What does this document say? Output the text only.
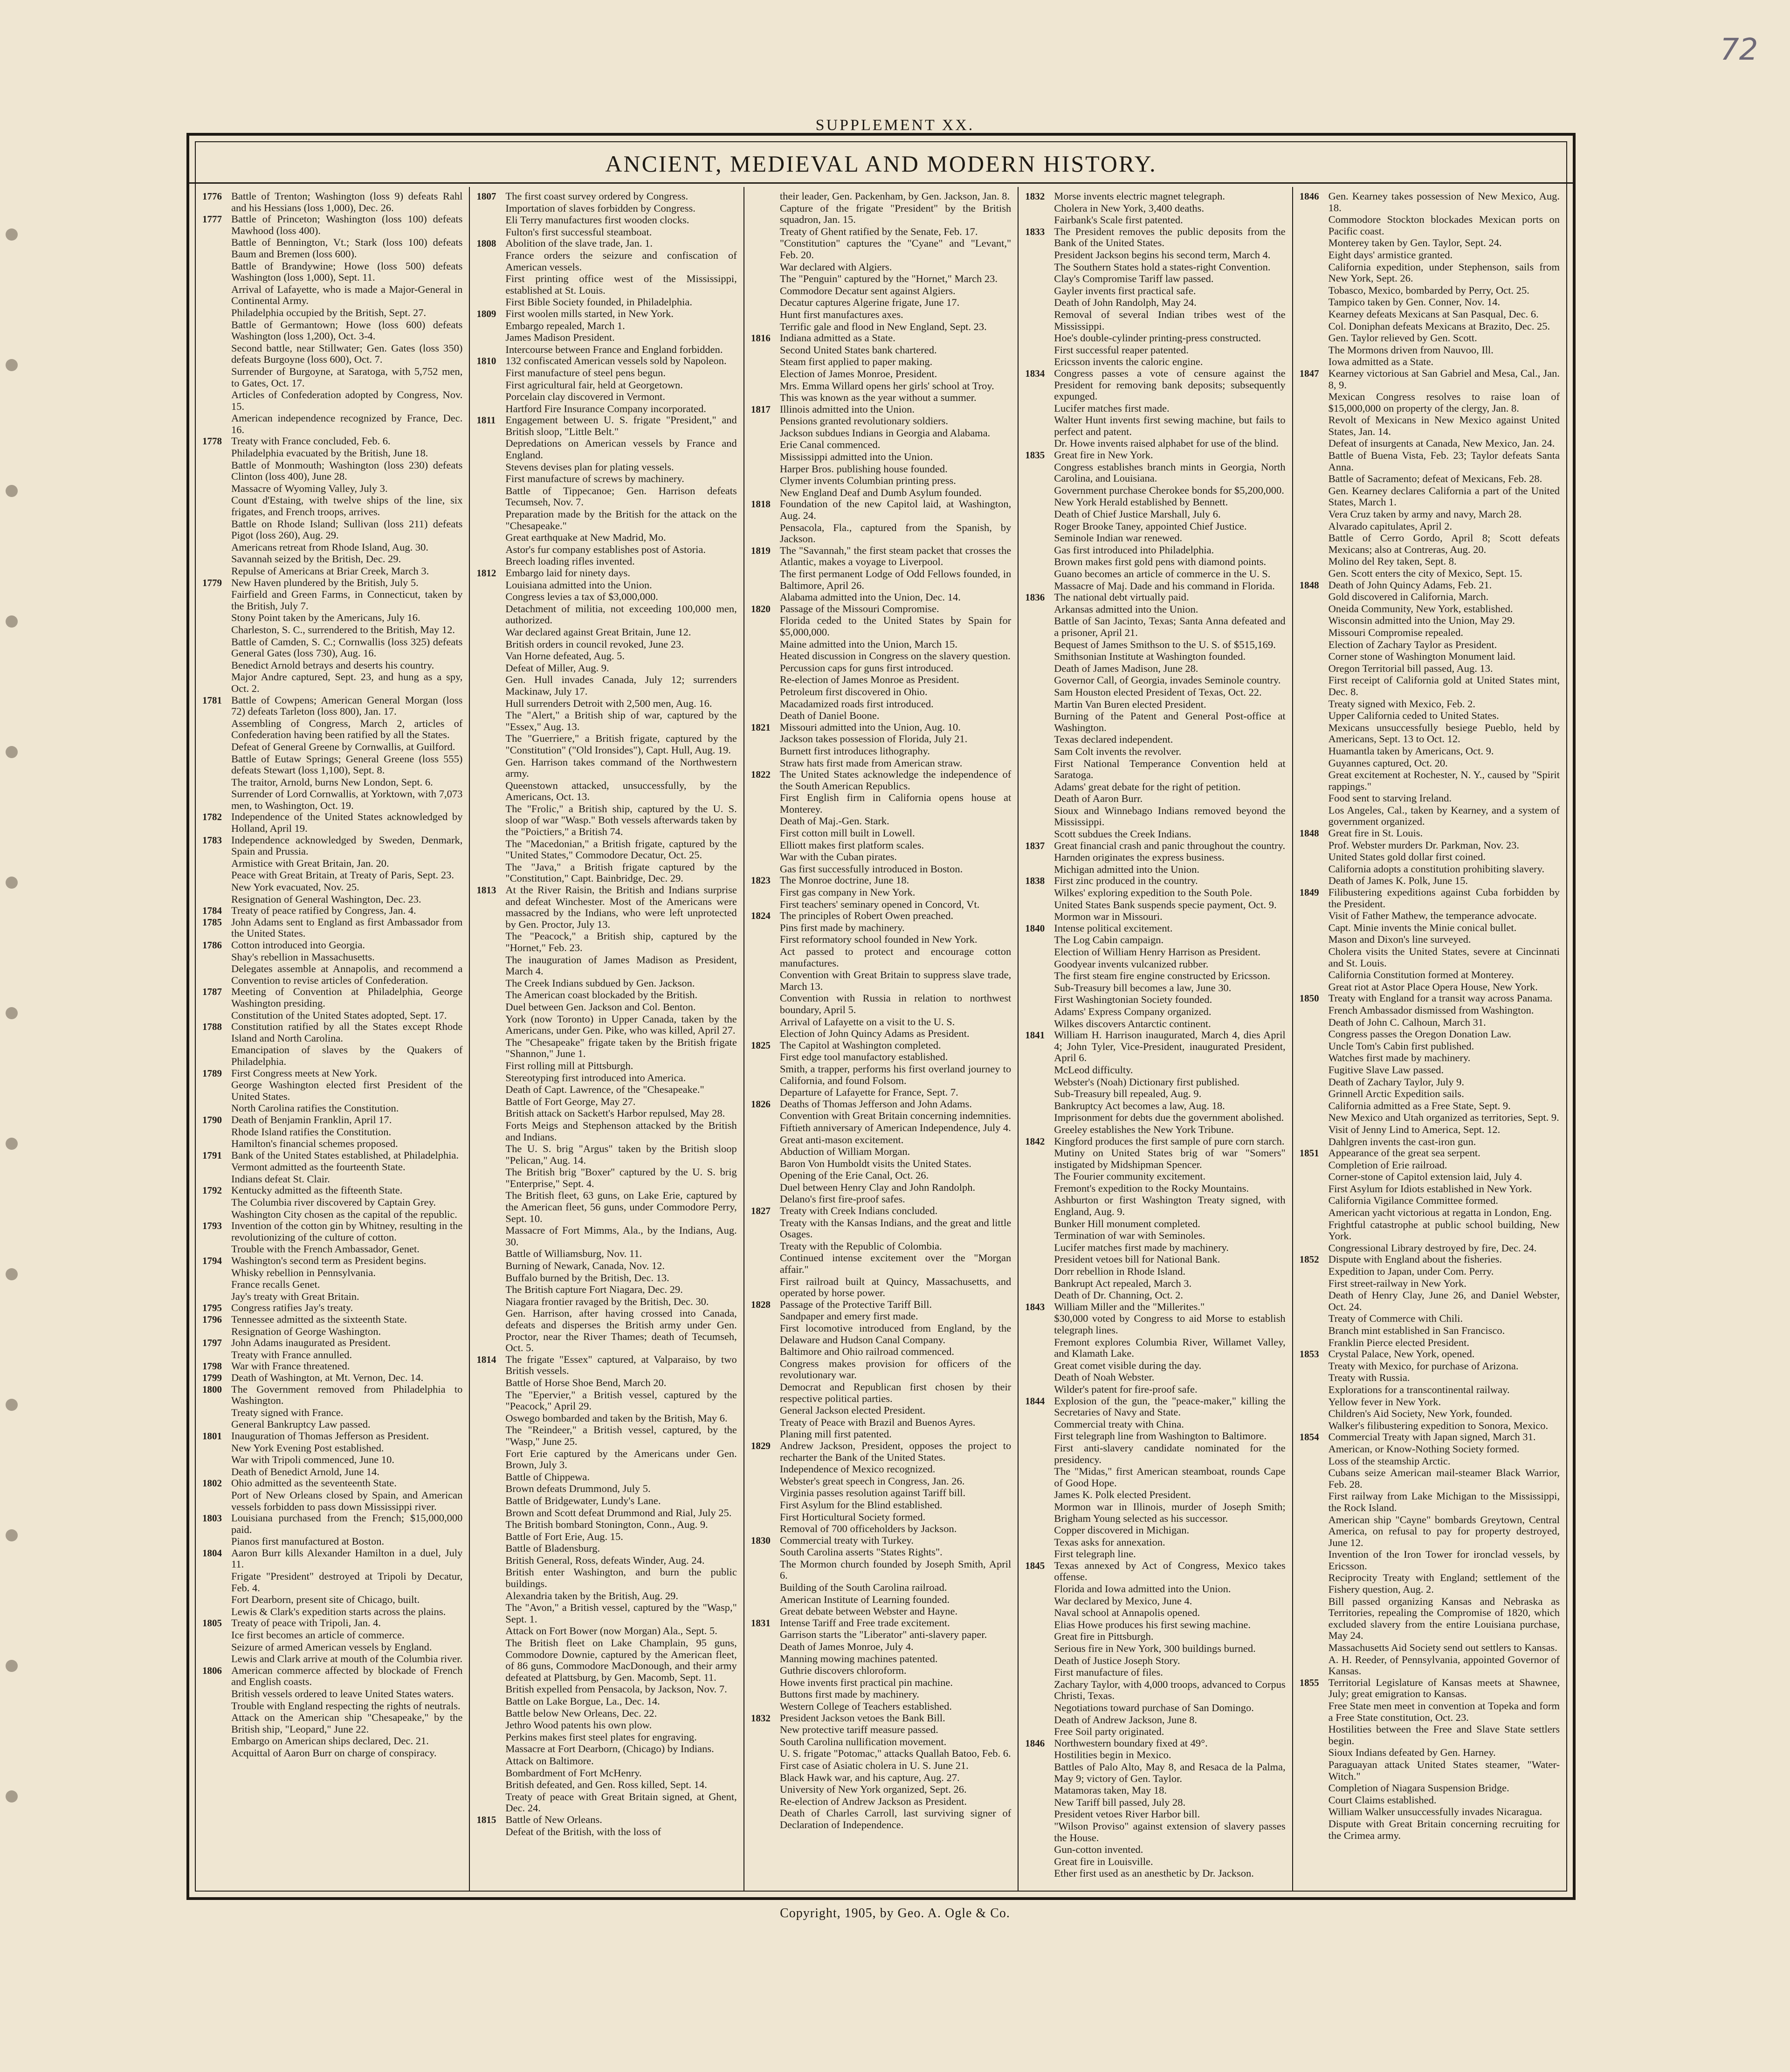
72
SUPPLEMENT XX.
ANCIENT, MEDIEVAL AND MODERN HISTORY.
1776 Battle of Trenton; Washington (loss 9) defeats Rahl and his Hessians (loss 1,000), Dec. 26.
1777 Battle of Princeton; Washington (loss 100) defeats Mawhood (loss 400).
Battle of Bennington, Vt.; Stark (loss 100) defeats Baum and Bremen (loss 600).
Battle of Brandywine; Howe (loss 500) defeats Washington (loss 1,000), Sept. 11.
Arrival of Lafayette, who is made a Major-General in Continental Army.
Philadelphia occupied by the British, Sept. 27.
Battle of Germantown; Howe (loss 600) defeats Washington (loss 1,200), Oct. 3-4.
Second battle, near Stillwater; Gen. Gates (loss 350) defeats Burgoyne (loss 600), Oct. 7.
Surrender of Burgoyne, at Saratoga, with 5,752 men, to Gates, Oct. 17.
Articles of Confederation adopted by Congress, Nov. 15.
American independence recognized by France, Dec. 16.
1778 Treaty with France concluded, Feb. 6.
Philadelphia evacuated by the British, June 18.
Battle of Monmouth; Washington (loss 230) defeats Clinton (loss 400), June 28.
Massacre of Wyoming Valley, July 3.
Count d'Estaing, with twelve ships of the line, six frigates, and French troops, arrives.
Battle on Rhode Island; Sullivan (loss 211) defeats Pigot (loss 260), Aug. 29.
Americans retreat from Rhode Island, Aug. 30.
Savannah seized by the British, Dec. 29.
Repulse of Americans at Briar Creek, March 3.
1779 New Haven plundered by the British, July 5.
Fairfield and Green Farms, in Connecticut, taken by the British, July 7.
Stony Point taken by the Americans, July 16.
Charleston, S. C., surrendered to the British, May 12.
Battle of Camden, S. C.; Cornwallis (loss 325) defeats General Gates (loss 730), Aug. 16.
Benedict Arnold betrays and deserts his country.
Major Andre captured, Sept. 23, and hung as a spy, Oct. 2.
1781 Battle of Cowpens; American General Morgan (loss 72) defeats Tarleton (loss 800), Jan. 17.
Assembling of Congress, March 2, articles of Confederation having been ratified by all the States.
Defeat of General Greene by Cornwallis, at Guilford.
Battle of Eutaw Springs; General Greene (loss 555) defeats Stewart (loss 1,100), Sept. 8.
The traitor, Arnold, burns New London, Sept. 6.
Surrender of Lord Cornwallis, at Yorktown, with 7,073 men, to Washington, Oct. 19.
1782 Independence of the United States acknowledged by Holland, April 19.
1783 Independence acknowledged by Sweden, Denmark, Spain and Prussia.
Armistice with Great Britain, Jan. 20.
Peace with Great Britain, at Treaty of Paris, Sept. 23.
New York evacuated, Nov. 25.
Resignation of General Washington, Dec. 23.
1784 Treaty of peace ratified by Congress, Jan. 4.
1785 John Adams sent to England as first Ambassador from the United States.
1786 Cotton introduced into Georgia.
Shay's rebellion in Massachusetts.
Delegates assemble at Annapolis, and recommend a Convention to revise articles of Confederation.
1787 Meeting of Convention at Philadelphia, George Washington presiding.
Constitution of the United States adopted, Sept. 17.
1788 Constitution ratified by all the States except Rhode Island and North Carolina.
Emancipation of slaves by the Quakers of Philadelphia.
1789 First Congress meets at New York.
George Washington elected first President of the United States.
North Carolina ratifies the Constitution.
1790 Death of Benjamin Franklin, April 17.
Rhode Island ratifies the Constitution.
Hamilton's financial schemes proposed.
1791 Bank of the United States established, at Philadelphia.
Vermont admitted as the fourteenth State.
Indians defeat St. Clair.
1792 Kentucky admitted as the fifteenth State.
The Columbia river discovered by Captain Grey.
Washington City chosen as the capital of the republic.
1793 Invention of the cotton gin by Whitney, resulting in the revolutionizing of the culture of cotton.
Trouble with the French Ambassador, Genet.
1794 Washington's second term as President begins.
Whisky rebellion in Pennsylvania.
France recalls Genet.
Jay's treaty with Great Britain.
1795 Congress ratifies Jay's treaty.
1796 Tennessee admitted as the sixteenth State.
Resignation of George Washington.
1797 John Adams inaugurated as President.
Treaty with France annulled.
1798 War with France threatened.
1799 Death of Washington, at Mt. Vernon, Dec. 14.
1800 The Government removed from Philadelphia to Washington.
Treaty signed with France.
General Bankruptcy Law passed.
1801 Inauguration of Thomas Jefferson as President.
New York Evening Post established.
War with Tripoli commenced, June 10.
Death of Benedict Arnold, June 14.
1802 Ohio admitted as the seventeenth State.
Port of New Orleans closed by Spain, and American vessels forbidden to pass down Mississippi river.
1803 Louisiana purchased from the French; $15,000,000 paid.
Pianos first manufactured at Boston.
1804 Aaron Burr kills Alexander Hamilton in a duel, July 11.
Frigate "President" destroyed at Tripoli by Decatur, Feb. 4.
Fort Dearborn, present site of Chicago, built.
Lewis & Clark's expedition starts across the plains.
1805 Treaty of peace with Tripoli, Jan. 4.
Ice first becomes an article of commerce.
Seizure of armed American vessels by England.
Lewis and Clark arrive at mouth of the Columbia river.
1806 American commerce affected by blockade of French and English coasts.
British vessels ordered to leave United States waters.
Trouble with England respecting the rights of neutrals.
Attack on the American ship "Chesapeake," by the British ship, "Leopard," June 22.
Embargo on American ships declared, Dec. 21.
Acquittal of Aaron Burr on charge of conspiracy.
1807 The first coast survey ordered by Congress.
Importation of slaves forbidden by Congress.
Eli Terry manufactures first wooden clocks.
Fulton's first successful steamboat.
1808 Abolition of the slave trade, Jan. 1.
France orders the seizure and confiscation of American vessels.
First printing office west of the Mississippi, established at St. Louis.
First Bible Society founded, in Philadelphia.
1809 First woolen mills started, in New York.
Embargo repealed, March 1.
James Madison President.
Intercourse between France and England forbidden.
1810 132 confiscated American vessels sold by Napoleon.
First manufacture of steel pens begun.
First agricultural fair, held at Georgetown.
Porcelain clay discovered in Vermont.
Hartford Fire Insurance Company incorporated.
1811 Engagement between U. S. frigate "President," and British sloop, "Little Belt."
Depredations on American vessels by France and England.
Stevens devises plan for plating vessels.
First manufacture of screws by machinery.
Battle of Tippecanoe; Gen. Harrison defeats Tecumseh, Nov. 7.
Preparation made by the British for the attack on the "Chesapeake."
Great earthquake at New Madrid, Mo.
Astor's fur company establishes post of Astoria.
Breech loading rifles invented.
1812 Embargo laid for ninety days.
Louisiana admitted into the Union.
Congress levies a tax of $3,000,000.
Detachment of militia, not exceeding 100,000 men, authorized.
War declared against Great Britain, June 12.
British orders in council revoked, June 23.
Van Horne defeated, Aug. 5.
Defeat of Miller, Aug. 9.
Gen. Hull invades Canada, July 12; surrenders Mackinaw, July 17.
Hull surrenders Detroit with 2,500 men, Aug. 16.
The "Alert," a British ship of war, captured by the "Essex," Aug. 13.
The "Guerriere," a British frigate, captured by the "Constitution" ("Old Ironsides"), Capt. Hull, Aug. 19.
Gen. Harrison takes command of the Northwestern army.
Queenstown attacked, unsuccessfully, by the Americans, Oct. 13.
The "Frolic," a British ship, captured by the U. S. sloop of war "Wasp." Both vessels afterwards taken by the "Poictiers," a British 74.
The "Macedonian," a British frigate, captured by the "United States," Commodore Decatur, Oct. 25.
The "Java," a British frigate captured by the "Constitution," Capt. Bainbridge, Dec. 29.
1813 At the River Raisin, the British and Indians surprise and defeat Winchester. Most of the Americans were massacred by the Indians, who were left unprotected by Gen. Proctor, July 13.
The "Peacock," a British ship, captured by the "Hornet," Feb. 23.
The inauguration of James Madison as President, March 4.
The Creek Indians subdued by Gen. Jackson.
The American coast blockaded by the British.
Duel between Gen. Jackson and Col. Benton.
York (now Toronto) in Upper Canada, taken by the Americans, under Gen. Pike, who was killed, April 27.
The "Chesapeake" frigate taken by the British frigate "Shannon," June 1.
First rolling mill at Pittsburgh.
Stereotyping first introduced into America.
Death of Capt. Lawrence, of the "Chesapeake."
Battle of Fort George, May 27.
British attack on Sackett's Harbor repulsed, May 28.
Forts Meigs and Stephenson attacked by the British and Indians.
The U. S. brig "Argus" taken by the British sloop "Pelican," Aug. 14.
The British brig "Boxer" captured by the U. S. brig "Enterprise," Sept. 4.
The British fleet, 63 guns, on Lake Erie, captured by the American fleet, 56 guns, under Commodore Perry, Sept. 10.
Massacre of Fort Mimms, Ala., by the Indians, Aug. 30.
Battle of Williamsburg, Nov. 11.
Burning of Newark, Canada, Nov. 12.
Buffalo burned by the British, Dec. 13.
The British capture Fort Niagara, Dec. 29.
Niagara frontier ravaged by the British, Dec. 30.
Gen. Harrison, after having crossed into Canada, defeats and disperses the British army under Gen. Proctor, near the River Thames; death of Tecumseh, Oct. 5.
1814 The frigate "Essex" captured, at Valparaiso, by two British vessels.
Battle of Horse Shoe Bend, March 20.
The "Epervier," a British vessel, captured by the "Peacock," April 29.
Oswego bombarded and taken by the British, May 6.
The "Reindeer," a British vessel, captured, by the "Wasp," June 25.
Fort Erie captured by the Americans under Gen. Brown, July 3.
Battle of Chippewa.
Brown defeats Drummond, July 5.
Battle of Bridgewater, Lundy's Lane.
Brown and Scott defeat Drummond and Rial, July 25.
The British bombard Stonington, Conn., Aug. 9.
Battle of Fort Erie, Aug. 15.
Battle of Bladensburg.
British General, Ross, defeats Winder, Aug. 24.
British enter Washington, and burn the public buildings.
Alexandria taken by the British, Aug. 29.
The "Avon," a British vessel, captured by the "Wasp," Sept. 1.
Attack on Fort Bower (now Morgan) Ala., Sept. 5.
The British fleet on Lake Champlain, 95 guns, Commodore Downie, captured by the American fleet, of 86 guns, Commodore MacDonough, and their army defeated at Plattsburg, by Gen. Macomb, Sept. 11.
British expelled from Pensacola, by Jackson, Nov. 7.
Battle on Lake Borgue, La., Dec. 14.
Battle below New Orleans, Dec. 22.
Jethro Wood patents his own plow.
Perkins makes first steel plates for engraving.
Massacre at Fort Dearborn, (Chicago) by Indians.
Attack on Baltimore.
Bombardment of Fort McHenry.
British defeated, and Gen. Ross killed, Sept. 14.
Treaty of peace with Great Britain signed, at Ghent, Dec. 24.
1815 Battle of New Orleans.
Defeat of the British, with the loss of
their leader, Gen. Packenham, by Gen. Jackson, Jan. 8.
Capture of the frigate "President" by the British squadron, Jan. 15.
Treaty of Ghent ratified by the Senate, Feb. 17.
"Constitution" captures the "Cyane" and "Levant," Feb. 20.
War declared with Algiers.
The "Penguin" captured by the "Hornet," March 23.
Commodore Decatur sent against Algiers.
Decatur captures Algerine frigate, June 17.
Hunt first manufactures axes.
Terrific gale and flood in New England, Sept. 23.
1816 Indiana admitted as a State.
Second United States bank chartered.
Steam first applied to paper making.
Election of James Monroe, President.
Mrs. Emma Willard opens her girls' school at Troy.
This was known as the year without a summer.
1817 Illinois admitted into the Union.
Pensions granted revolutionary soldiers.
Jackson subdues Indians in Georgia and Alabama.
Erie Canal commenced.
Mississippi admitted into the Union.
Harper Bros. publishing house founded.
Clymer invents Columbian printing press.
New England Deaf and Dumb Asylum founded.
1818 Foundation of the new Capitol laid, at Washington, Aug. 24.
Pensacola, Fla., captured from the Spanish, by Jackson.
1819 The "Savannah," the first steam packet that crosses the Atlantic, makes a voyage to Liverpool.
The first permanent Lodge of Odd Fellows founded, in Baltimore, April 26.
Alabama admitted into the Union, Dec. 14.
1820 Passage of the Missouri Compromise.
Florida ceded to the United States by Spain for $5,000,000.
Maine admitted into the Union, March 15.
Heated discussion in Congress on the slavery question.
Percussion caps for guns first introduced.
Re-election of James Monroe as President.
Petroleum first discovered in Ohio.
Macadamized roads first introduced.
Death of Daniel Boone.
1821 Missouri admitted into the Union, Aug. 10.
Jackson takes possession of Florida, July 21.
Burnett first introduces lithography.
Straw hats first made from American straw.
1822 The United States acknowledge the independence of the South American Republics.
First English firm in California opens house at Monterey.
Death of Maj.-Gen. Stark.
First cotton mill built in Lowell.
Elliott makes first platform scales.
War with the Cuban pirates.
Gas first successfully introduced in Boston.
1823 The Monroe doctrine, June 18.
First gas company in New York.
First teachers' seminary opened in Concord, Vt.
1824 The principles of Robert Owen preached.
Pins first made by machinery.
First reformatory school founded in New York.
Act passed to protect and encourage cotton manufactures.
Convention with Great Britain to suppress slave trade, March 13.
Convention with Russia in relation to northwest boundary, April 5.
Arrival of Lafayette on a visit to the U. S.
Election of John Quincy Adams as President.
1825 The Capitol at Washington completed.
First edge tool manufactory established.
Smith, a trapper, performs his first overland journey to California, and found Folsom.
Departure of Lafayette for France, Sept. 7.
1826 Deaths of Thomas Jefferson and John Adams.
Convention with Great Britain concerning indemnities.
Fiftieth anniversary of American Independence, July 4.
Great anti-mason excitement.
Abduction of William Morgan.
Baron Von Humboldt visits the United States.
Opening of the Erie Canal, Oct. 26.
Duel between Henry Clay and John Randolph.
Delano's first fire-proof safes.
1827 Treaty with Creek Indians concluded.
Treaty with the Kansas Indians, and the great and little Osages.
Treaty with the Republic of Colombia.
Continued intense excitement over the "Morgan affair."
First railroad built at Quincy, Massachusetts, and operated by horse power.
1828 Passage of the Protective Tariff Bill.
Sandpaper and emery first made.
First locomotive introduced from England, by the Delaware and Hudson Canal Company.
Baltimore and Ohio railroad commenced.
Congress makes provision for officers of the revolutionary war.
Democrat and Republican first chosen by their respective political parties.
General Jackson elected President.
Treaty of Peace with Brazil and Buenos Ayres.
Planing mill first patented.
1829 Andrew Jackson, President, opposes the project to recharter the Bank of the United States.
Independence of Mexico recognized.
Webster's great speech in Congress, Jan. 26.
Virginia passes resolution against Tariff bill.
First Asylum for the Blind established.
First Horticultural Society formed.
Removal of 700 officeholders by Jackson.
1830 Commercial treaty with Turkey.
South Carolina asserts "States Rights".
The Mormon church founded by Joseph Smith, April 6.
Building of the South Carolina railroad.
American Institute of Learning founded.
Great debate between Webster and Hayne.
1831 Intense Tariff and Free trade excitement.
Garrison starts the "Liberator" anti-slavery paper.
Death of James Monroe, July 4.
Manning mowing machines patented.
Guthrie discovers chloroform.
Howe invents first practical pin machine.
Buttons first made by machinery.
Western College of Teachers established.
1832 President Jackson vetoes the Bank Bill.
New protective tariff measure passed.
South Carolina nullification movement.
U. S. frigate "Potomac," attacks Quallah Batoo, Feb. 6.
First case of Asiatic cholera in U. S. June 21.
Black Hawk war, and his capture, Aug. 27.
University of New York organized, Sept. 26.
Re-election of Andrew Jackson as President.
Death of Charles Carroll, last surviving signer of Declaration of Independence.
1832 Morse invents electric magnet telegraph.
Cholera in New York, 3,400 deaths.
Fairbank's Scale first patented.
1833 The President removes the public deposits from the Bank of the United States.
President Jackson begins his second term, March 4.
The Southern States hold a states-right Convention.
Clay's Compromise Tariff law passed.
Gayler invents first practical safe.
Death of John Randolph, May 24.
Removal of several Indian tribes west of the Mississippi.
Hoe's double-cylinder printing-press constructed.
First successful reaper patented.
Ericsson invents the caloric engine.
1834 Congress passes a vote of censure against the President for removing bank deposits; subsequently expunged.
Lucifer matches first made.
Walter Hunt invents first sewing machine, but fails to perfect and patent.
Dr. Howe invents raised alphabet for use of the blind.
1835 Great fire in New York.
Congress establishes branch mints in Georgia, North Carolina, and Louisiana.
Government purchase Cherokee bonds for $5,200,000.
New York Herald established by Bennett.
Death of Chief Justice Marshall, July 6.
Roger Brooke Taney, appointed Chief Justice.
Seminole Indian war renewed.
Gas first introduced into Philadelphia.
Brown makes first gold pens with diamond points.
Guano becomes an article of commerce in the U. S.
Massacre of Maj. Dade and his command in Florida.
1836 The national debt virtually paid.
Arkansas admitted into the Union.
Battle of San Jacinto, Texas; Santa Anna defeated and a prisoner, April 21.
Bequest of James Smithson to the U. S. of $515,169.
Smithsonian Institute at Washington founded.
Death of James Madison, June 28.
Governor Call, of Georgia, invades Seminole country.
Sam Houston elected President of Texas, Oct. 22.
Martin Van Buren elected President.
Burning of the Patent and General Post-office at Washington.
Texas declared independent.
Sam Colt invents the revolver.
First National Temperance Convention held at Saratoga.
Adams' great debate for the right of petition.
Death of Aaron Burr.
Sioux and Winnebago Indians removed beyond the Mississippi.
Scott subdues the Creek Indians.
1837 Great financial crash and panic throughout the country.
Harnden originates the express business.
Michigan admitted into the Union.
1838 First zinc produced in the country.
Wilkes' exploring expedition to the South Pole.
United States Bank suspends specie payment, Oct. 9.
Mormon war in Missouri.
1840 Intense political excitement.
The Log Cabin campaign.
Election of William Henry Harrison as President.
Goodyear invents vulcanized rubber.
The first steam fire engine constructed by Ericsson.
Sub-Treasury bill becomes a law, June 30.
First Washingtonian Society founded.
Adams' Express Company organized.
Wilkes discovers Antarctic continent.
1841 William H. Harrison inaugurated, March 4, dies April 4; John Tyler, Vice-President, inaugurated President, April 6.
McLeod difficulty.
Webster's (Noah) Dictionary first published.
Sub-Treasury bill repealed, Aug. 9.
Bankruptcy Act becomes a law, Aug. 18.
Imprisonment for debts due the government abolished.
Greeley establishes the New York Tribune.
1842 Kingford produces the first sample of pure corn starch.
Mutiny on United States brig of war "Somers" instigated by Midshipman Spencer.
The Fourier community excitement.
Fremont's expedition to the Rocky Mountains.
Ashburton or first Washington Treaty signed, with England, Aug. 9.
Bunker Hill monument completed.
Termination of war with Seminoles.
Lucifer matches first made by machinery.
President vetoes bill for National Bank.
Dorr rebellion in Rhode Island.
Bankrupt Act repealed, March 3.
Death of Dr. Channing, Oct. 2.
1843 William Miller and the "Millerites."
$30,000 voted by Congress to aid Morse to establish telegraph lines.
Fremont explores Columbia River, Willamet Valley, and Klamath Lake.
Great comet visible during the day.
Death of Noah Webster.
Wilder's patent for fire-proof safe.
1844 Explosion of the gun, the "peace-maker," killing the Secretaries of Navy and State.
Commercial treaty with China.
First telegraph line from Washington to Baltimore.
First anti-slavery candidate nominated for the presidency.
The "Midas," first American steamboat, rounds Cape of Good Hope.
James K. Polk elected President.
Mormon war in Illinois, murder of Joseph Smith; Brigham Young selected as his successor.
Copper discovered in Michigan.
Texas asks for annexation.
First telegraph line.
1845 Texas annexed by Act of Congress, Mexico takes offense.
Florida and Iowa admitted into the Union.
War declared by Mexico, June 4.
Naval school at Annapolis opened.
Elias Howe produces his first sewing machine.
Great fire in Pittsburgh.
Serious fire in New York, 300 buildings burned.
Death of Justice Joseph Story.
First manufacture of files.
Zachary Taylor, with 4,000 troops, advanced to Corpus Christi, Texas.
Negotiations toward purchase of San Domingo.
Death of Andrew Jackson, June 8.
Free Soil party originated.
1846 Northwestern boundary fixed at 49°.
Hostilities begin in Mexico.
Battles of Palo Alto, May 8, and Resaca de la Palma, May 9; victory of Gen. Taylor.
Matamoras taken, May 18.
New Tariff bill passed, July 28.
President vetoes River Harbor bill.
"Wilson Proviso" against extension of slavery passes the House.
Gun-cotton invented.
Great fire in Louisville.
Ether first used as an anesthetic by Dr. Jackson.
1846 Gen. Kearney takes possession of New Mexico, Aug. 18.
Commodore Stockton blockades Mexican ports on Pacific coast.
Monterey taken by Gen. Taylor, Sept. 24.
Eight days' armistice granted.
California expedition, under Stephenson, sails from New York, Sept. 26.
Tobasco, Mexico, bombarded by Perry, Oct. 25.
Tampico taken by Gen. Conner, Nov. 14.
Kearney defeats Mexicans at San Pasqual, Dec. 6.
Col. Doniphan defeats Mexicans at Brazito, Dec. 25.
Gen. Taylor relieved by Gen. Scott.
The Mormons driven from Nauvoo, Ill.
Iowa admitted as a State.
1847 Kearney victorious at San Gabriel and Mesa, Cal., Jan. 8, 9.
Mexican Congress resolves to raise loan of $15,000,000 on property of the clergy, Jan. 8.
Revolt of Mexicans in New Mexico against United States, Jan. 14.
Defeat of insurgents at Canada, New Mexico, Jan. 24.
Battle of Buena Vista, Feb. 23; Taylor defeats Santa Anna.
Battle of Sacramento; defeat of Mexicans, Feb. 28.
Gen. Kearney declares California a part of the United States, March 1.
Vera Cruz taken by army and navy, March 28.
Alvarado capitulates, April 2.
Battle of Cerro Gordo, April 8; Scott defeats Mexicans; also at Contreras, Aug. 20.
Molino del Rey taken, Sept. 8.
Gen. Scott enters the city of Mexico, Sept. 15.
1848 Death of John Quincy Adams, Feb. 21.
Gold discovered in California, March.
Oneida Community, New York, established.
Wisconsin admitted into the Union, May 29.
Missouri Compromise repealed.
Election of Zachary Taylor as President.
Corner stone of Washington Monument laid.
Oregon Territorial bill passed, Aug. 13.
First receipt of California gold at United States mint, Dec. 8.
Treaty signed with Mexico, Feb. 2.
Upper California ceded to United States.
Mexicans unsuccessfully besiege Pueblo, held by Americans, Sept. 13 to Oct. 12.
Huamantla taken by Americans, Oct. 9.
Guyannes captured, Oct. 20.
Great excitement at Rochester, N. Y., caused by "Spirit rappings."
Food sent to starving Ireland.
Los Angeles, Cal., taken by Kearney, and a system of government organized.
1848 Great fire in St. Louis.
Prof. Webster murders Dr. Parkman, Nov. 23.
United States gold dollar first coined.
California adopts a constitution prohibiting slavery.
Death of James K. Polk, June 15.
1849 Filibustering expeditions against Cuba forbidden by the President.
Visit of Father Mathew, the temperance advocate.
Capt. Minie invents the Minie conical bullet.
Mason and Dixon's line surveyed.
Cholera visits the United States, severe at Cincinnati and St. Louis.
California Constitution formed at Monterey.
Great riot at Astor Place Opera House, New York.
1850 Treaty with England for a transit way across Panama.
French Ambassador dismissed from Washington.
Death of John C. Calhoun, March 31.
Congress passes the Oregon Donation Law.
Uncle Tom's Cabin first published.
Watches first made by machinery.
Fugitive Slave Law passed.
Death of Zachary Taylor, July 9.
Grinnell Arctic Expedition sails.
California admitted as a Free State, Sept. 9.
New Mexico and Utah organized as territories, Sept. 9.
Visit of Jenny Lind to America, Sept. 12.
Dahlgren invents the cast-iron gun.
1851 Appearance of the great sea serpent.
Completion of Erie railroad.
Corner-stone of Capitol extension laid, July 4.
First Asylum for Idiots established in New York.
California Vigilance Committee formed.
American yacht victorious at regatta in London, Eng.
Frightful catastrophe at public school building, New York.
Congressional Library destroyed by fire, Dec. 24.
1852 Dispute with England about the fisheries.
Expedition to Japan, under Com. Perry.
First street-railway in New York.
Death of Henry Clay, June 26, and Daniel Webster, Oct. 24.
Treaty of Commerce with Chili.
Branch mint established in San Francisco.
Franklin Pierce elected President.
1853 Crystal Palace, New York, opened.
Treaty with Mexico, for purchase of Arizona.
Treaty with Russia.
Explorations for a transcontinental railway.
Yellow fever in New York.
Children's Aid Society, New York, founded.
Walker's filibustering expedition to Sonora, Mexico.
1854 Commercial Treaty with Japan signed, March 31.
American, or Know-Nothing Society formed.
Loss of the steamship Arctic.
Cubans seize American mail-steamer Black Warrior, Feb. 28.
First railway from Lake Michigan to the Mississippi, the Rock Island.
American ship "Cayne" bombards Greytown, Central America, on refusal to pay for property destroyed, June 12.
Invention of the Iron Tower for ironclad vessels, by Ericsson.
Reciprocity Treaty with England; settlement of the Fishery question, Aug. 2.
Bill passed organizing Kansas and Nebraska as Territories, repealing the Compromise of 1820, which excluded slavery from the entire Louisiana purchase, May 24.
Massachusetts Aid Society send out settlers to Kansas.
A. H. Reeder, of Pennsylvania, appointed Governor of Kansas.
1855 Territorial Legislature of Kansas meets at Shawnee, July; great emigration to Kansas.
Free State men meet in convention at Topeka and form a Free State constitution, Oct. 23.
Hostilities between the Free and Slave State settlers begin.
Sioux Indians defeated by Gen. Harney.
Paraguayan attack United States steamer, "Water-Witch."
Completion of Niagara Suspension Bridge.
Court Claims established.
William Walker unsuccessfully invades Nicaragua.
Dispute with Great Britain concerning recruiting for the Crimea army.
Copyright, 1905, by Geo. A. Ogle & Co.
